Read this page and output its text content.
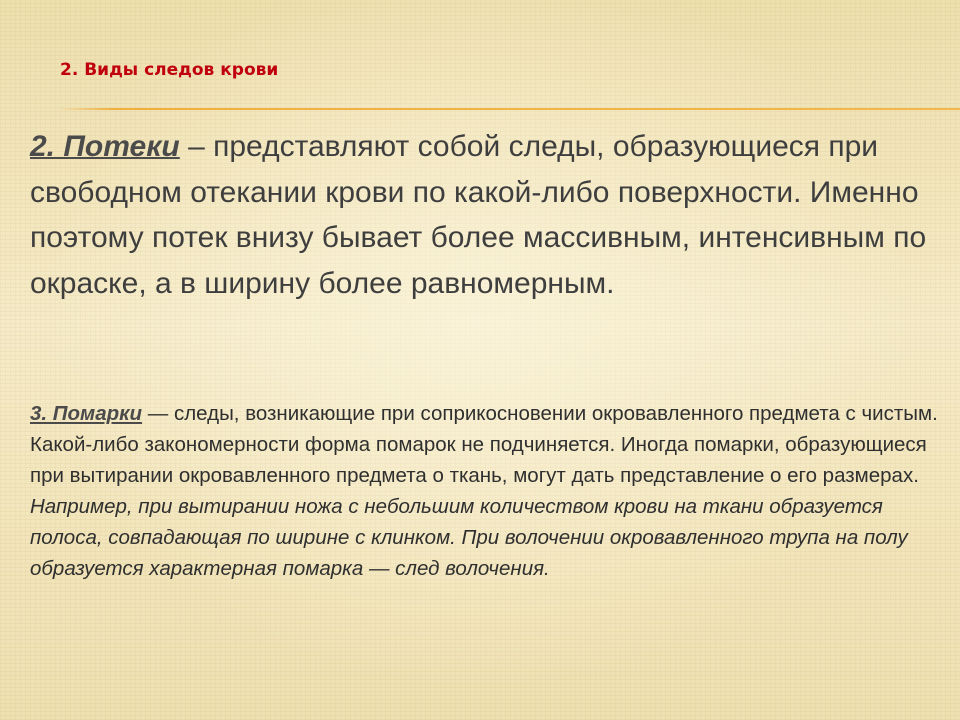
2. Виды следов крови

2. Потеки – представляют собой следы, образующиеся при свободном отекании крови по какой-либо поверхности. Именно поэтому потек внизу бывает более массивным, интенсивным по окраске, а в ширину более равномерным.

3. Помарки — следы, возникающие при соприкосновении окровавленного предмета с чистым. Какой-либо закономерности форма помарок не подчиняется. Иногда помарки, образующиеся при вытирании окровавленного предмета о ткань, могут дать представление о его размерах. Например, при вытирании ножа с небольшим количеством крови на ткани образуется полоса, совпадающая по ширине с клинком. При волочении окровавленного трупа на полу образуется характерная помарка — след волочения.
